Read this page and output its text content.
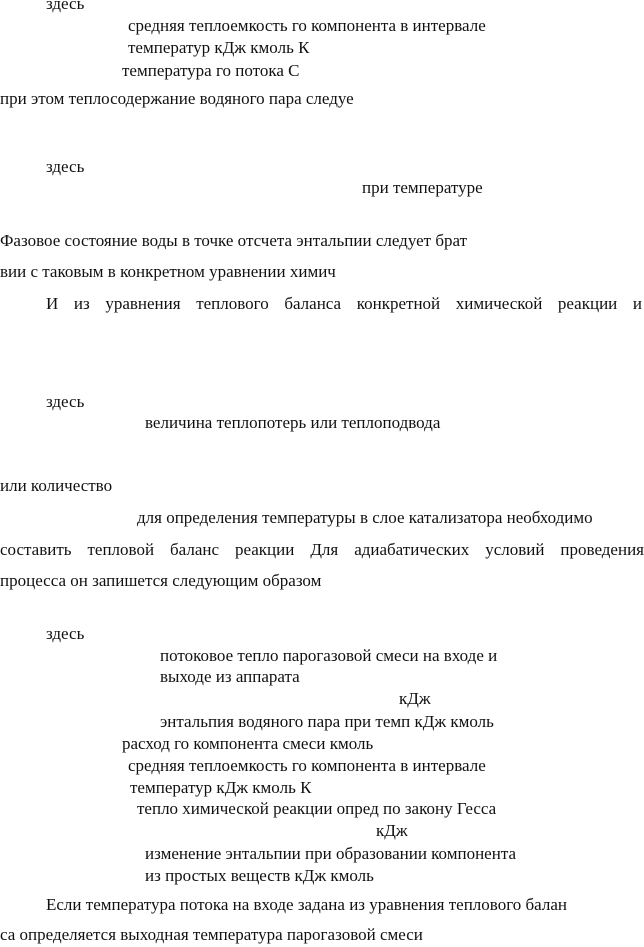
здесь
средняя теплоемкость го компонента в интервале
температур кДж кмоль К
температура го потока С
при этом теплосодержание водяного пара следуе
здесь
при температуре
Фазовое состояние воды в точке отсчета энтальпии следует брат
вии с таковым в конкретном уравнении химич
И из уравнения теплового баланса конкретной химической реакции и
здесь
величина теплопотерь или теплоподвода
или количество
для определения температуры в слое катализатора необходимо
составить тепловой баланс реакции Для адиабатических условий проведения
процесса он запишется следующим образом
здесь
потоковое тепло парогазовой смеси на входе и
выходе из аппарата
кДж
энтальпия водяного пара при темп кДж кмоль
расход го компонента смеси кмоль
средняя теплоемкость го компонента в интервале
температур кДж кмоль К
тепло химической реакции опред по закону Гесса
кДж
изменение энтальпии при образовании компонента
из простых веществ кДж кмоль
Если температура потока на входе задана из уравнения теплового балан
са определяется выходная температура парогазовой смеси
